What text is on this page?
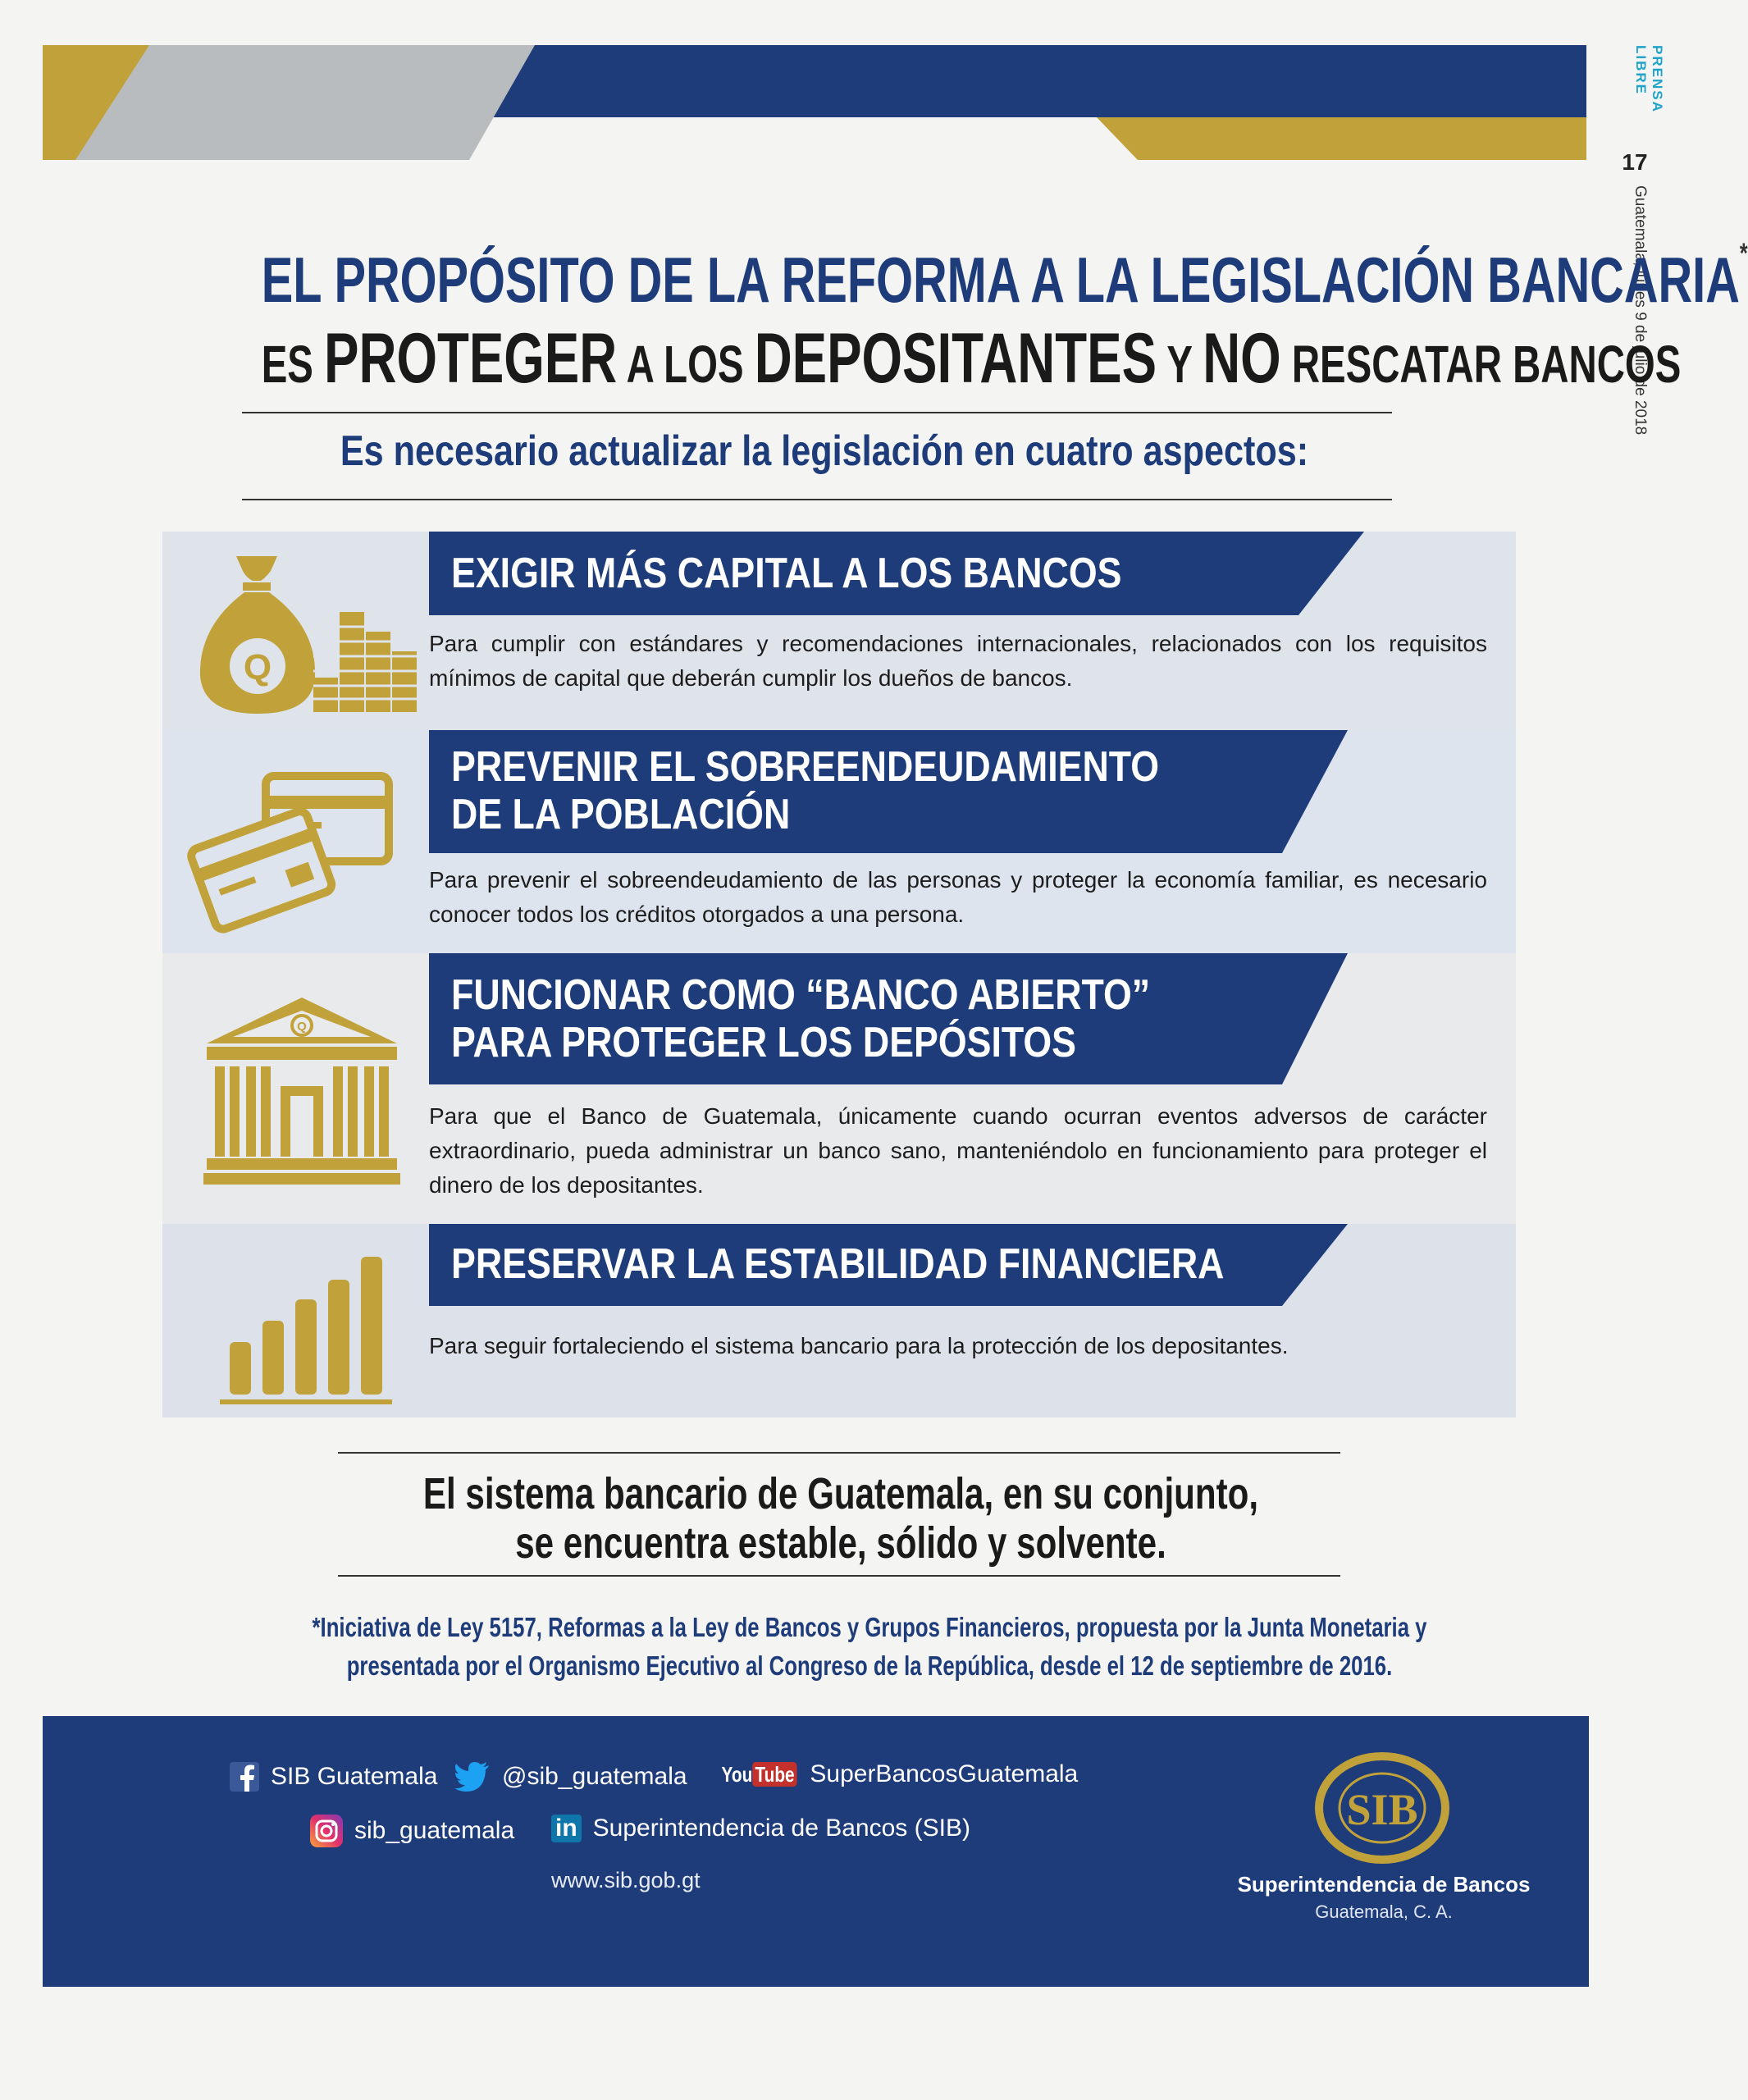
PRENSA LIBRE
17
Guatemala, lunes 9 de julio de 2018
EL PROPÓSITO DE LA REFORMA A LA LEGISLACIÓN BANCARIA*
ES PROTEGER A LOS DEPOSITANTES Y NO RESCATAR BANCOS
Es necesario actualizar la legislación en cuatro aspectos:
EXIGIR MÁS CAPITAL A LOS BANCOS
Para cumplir con estándares y recomendaciones internacionales, relacionados con los requisitos mínimos de capital que deberán cumplir los dueños de bancos.
Q
PREVENIR EL SOBREENDEUDAMIENTO
DE LA POBLACIÓN
Para prevenir el sobreendeudamiento de las personas y proteger la economía familiar, es necesario conocer todos los créditos otorgados a una persona.
FUNCIONAR COMO “BANCO ABIERTO”
PARA PROTEGER LOS DEPÓSITOS
Para que el Banco de Guatemala, únicamente cuando ocurran eventos adversos de carácter extraordinario, pueda administrar un banco sano, manteniéndolo en funcionamiento para proteger el dinero de los depositantes.
Q
PRESERVAR LA ESTABILIDAD FINANCIERA
Para seguir fortaleciendo el sistema bancario para la protección de los depositantes.
El sistema bancario de Guatemala, en su conjunto,
se encuentra estable, sólido y solvente.
*Iniciativa de Ley 5157, Reformas a la Ley de Bancos y Grupos Financieros, propuesta por la Junta Monetaria y
presentada por el Organismo Ejecutivo al Congreso de la República, desde el 12 de septiembre de 2016.
SIB Guatemala	@sib_guatemala You Tube SuperBancosGuatemala
sib_guatemala in Superintendencia de Bancos (SIB)
www.sib.gob.gt
SIB
Superintendencia de Bancos
Guatemala, C. A.
